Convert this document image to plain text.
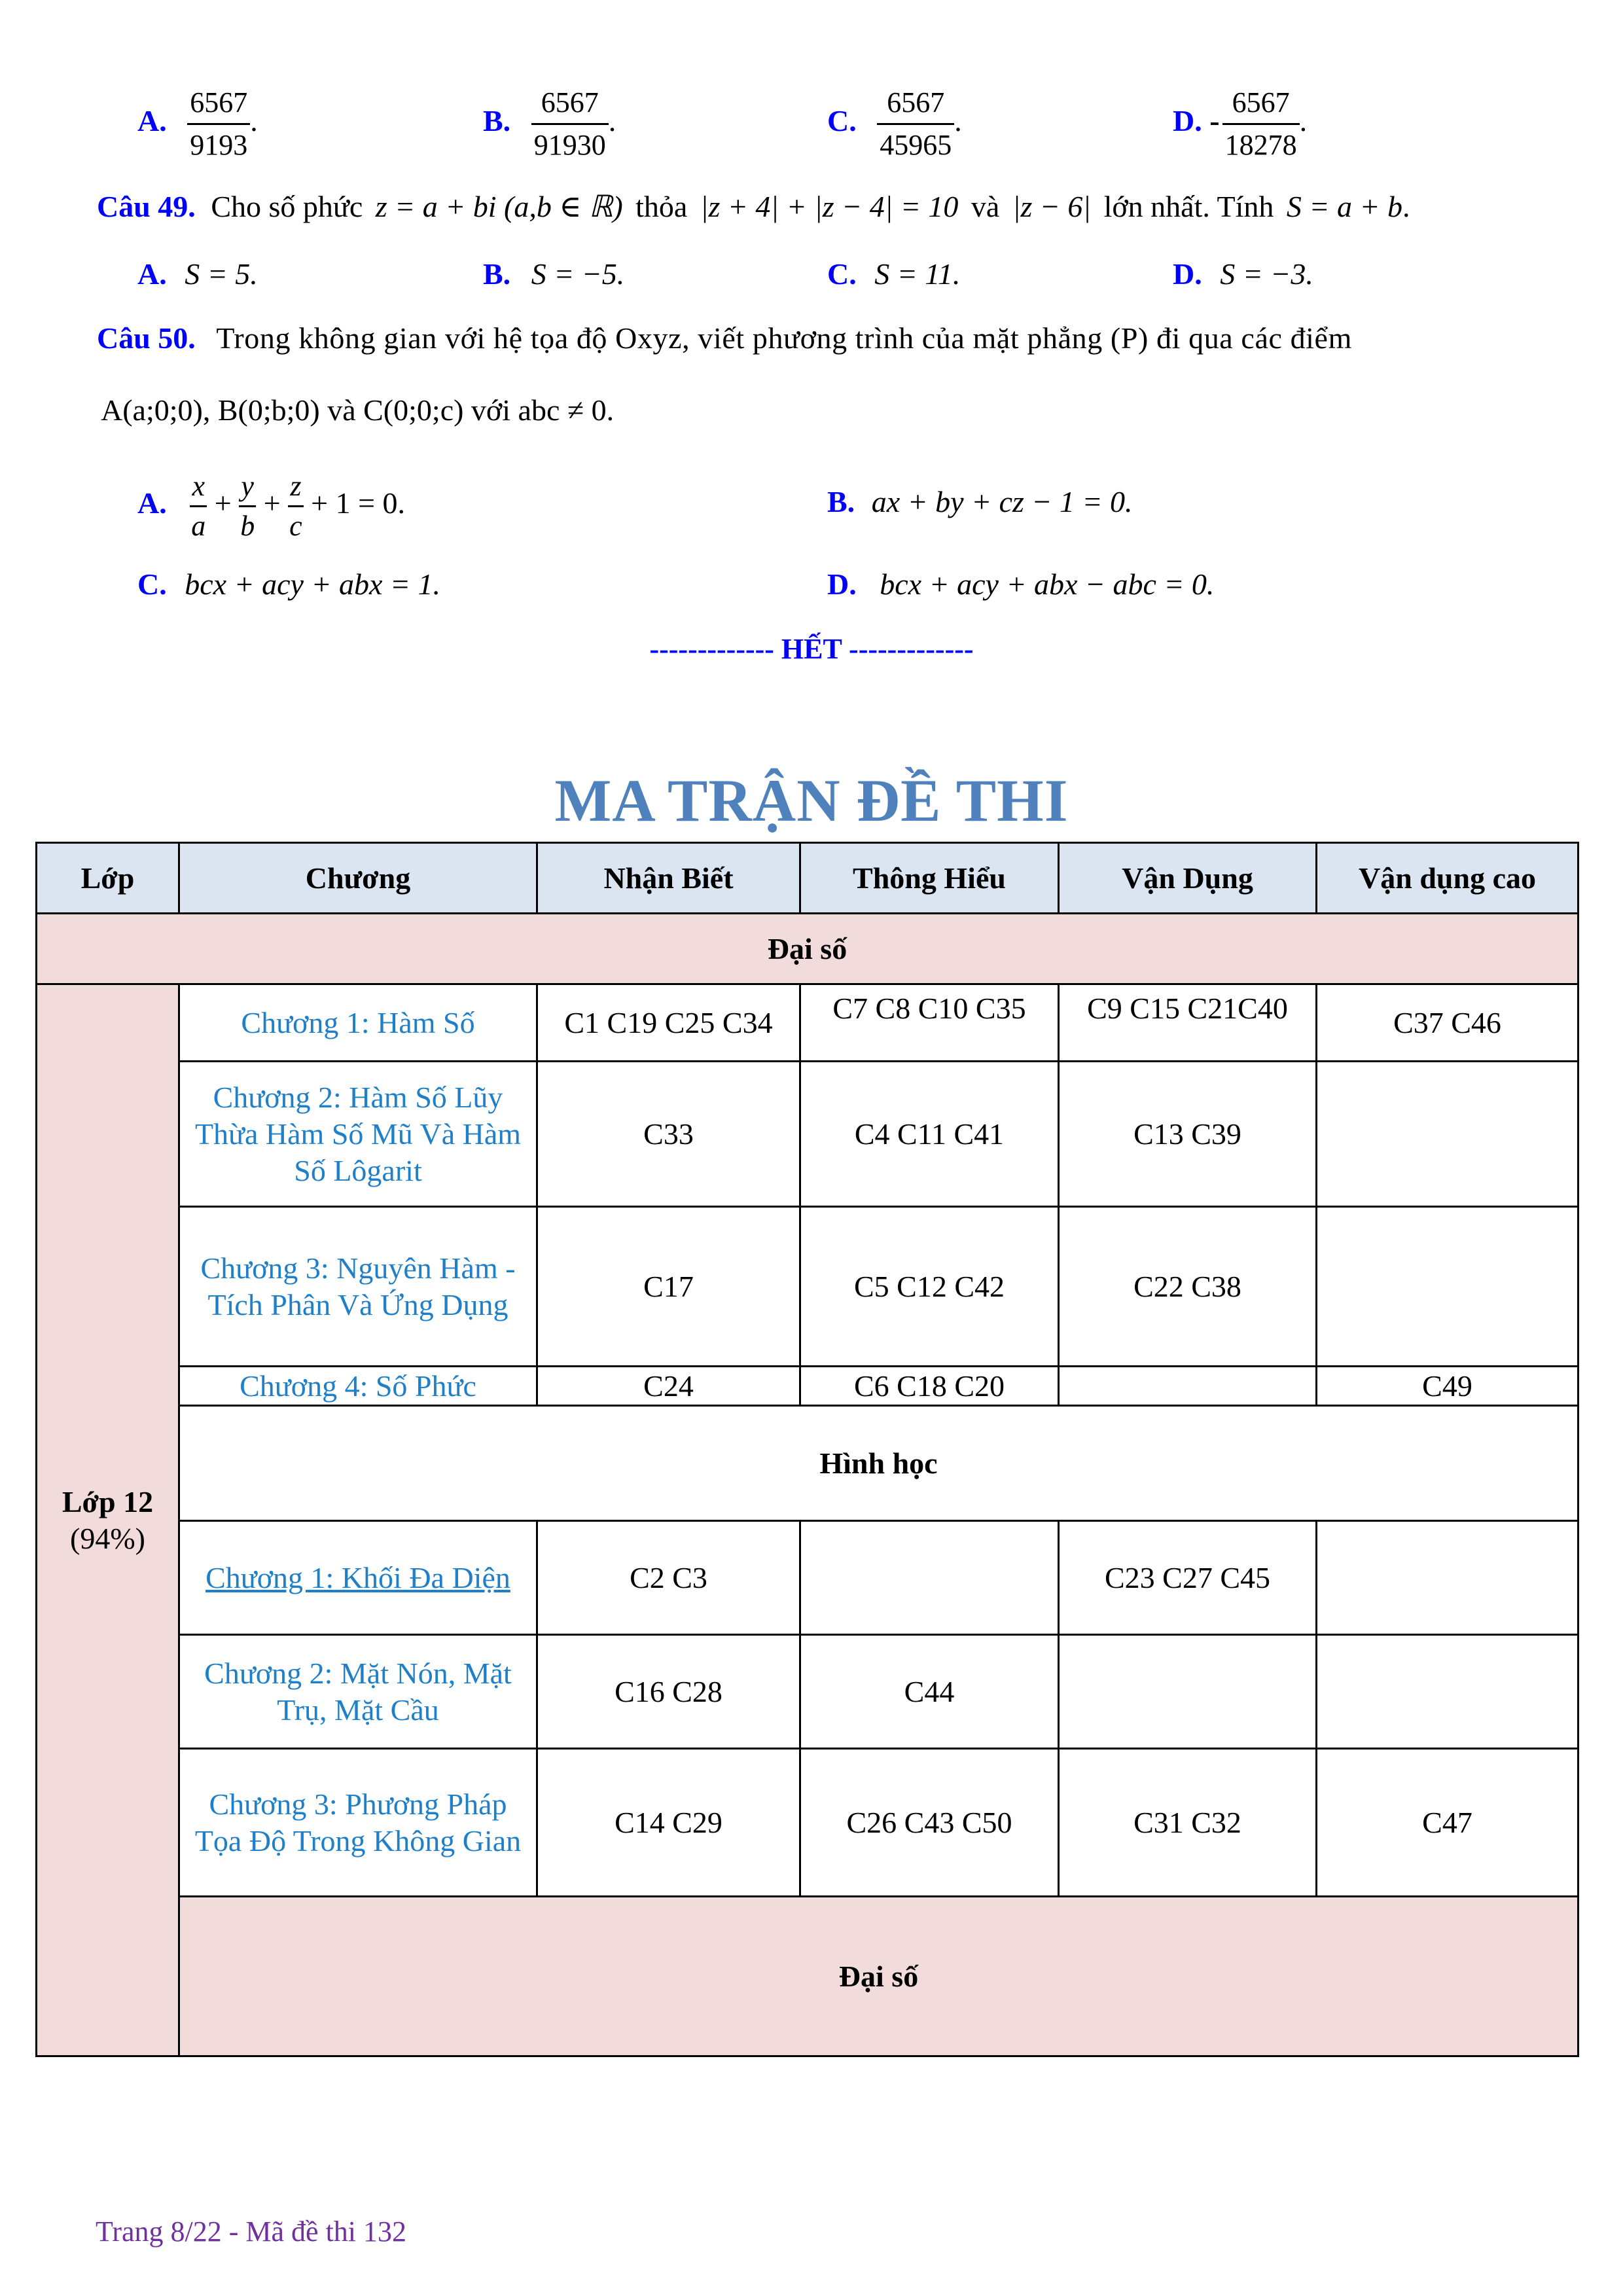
A. $\frac{6567}{9193}$ .	B. $\frac{6567}{91930}$ .	C. $\frac{6567}{45965}$ .	D. - $\frac{6567}{18278}$ .
Câu 49. Cho số phức z = a + bi (a,b ∈ ℝ) thỏa |z + 4| + |z − 4| = 10 và |z − 6| lớn nhất. Tính S = a + b.
A. S = 5.	B. S = −5.	C. S = 11.	D. S = −3.
Câu 50. Trong không gian với hệ tọa độ Oxyz, viết phương trình của mặt phẳng (P) đi qua các điểm
A(a;0;0), B(0;b;0) và C(0;0;c) với abc ≠ 0.
A. $\frac{x}{a} + \frac{y}{b} + \frac{z}{c} + 1 = 0$.	B. ax + by + cz − 1 = 0.
C. bcx + acy + abx = 1.	D. bcx + acy + abx − abc = 0.
------------- HẾT -------------
MA TRẬN ĐỀ THI
Lớp	Chương	Nhận Biết	Thông Hiểu	Vận Dụng	Vận dụng cao
Đại số					

Lớp 12
(94%)	Chương 1: Hàm Số	C1 C19 C25 C34	C7 C8 C10 C35	C9 C15 C21C40	C37 C46
	Chương 2: Hàm Số Lũy Thừa Hàm Số Mũ Và Hàm Số Lôgarit	C33	C4 C11 C41	C13 C39	
	Chương 3: Nguyên Hàm - Tích Phân Và Ứng Dụng	C17	C5 C12 C42	C22 C38	
	Chương 4: Số Phức	C24	C6 C18 C20		C49
	Hình học				
	Chương 1: Khối Đa Diện	C2 C3		C23 C27 C45	
	Chương 2: Mặt Nón, Mặt Trụ, Mặt Cầu	C16 C28	C44		
	Chương 3: Phương Pháp Tọa Độ Trong Không Gian	C14 C29	C26 C43 C50	C31 C32	C47
	Đại số				
Trang 8/22 - Mã đề thi 132
